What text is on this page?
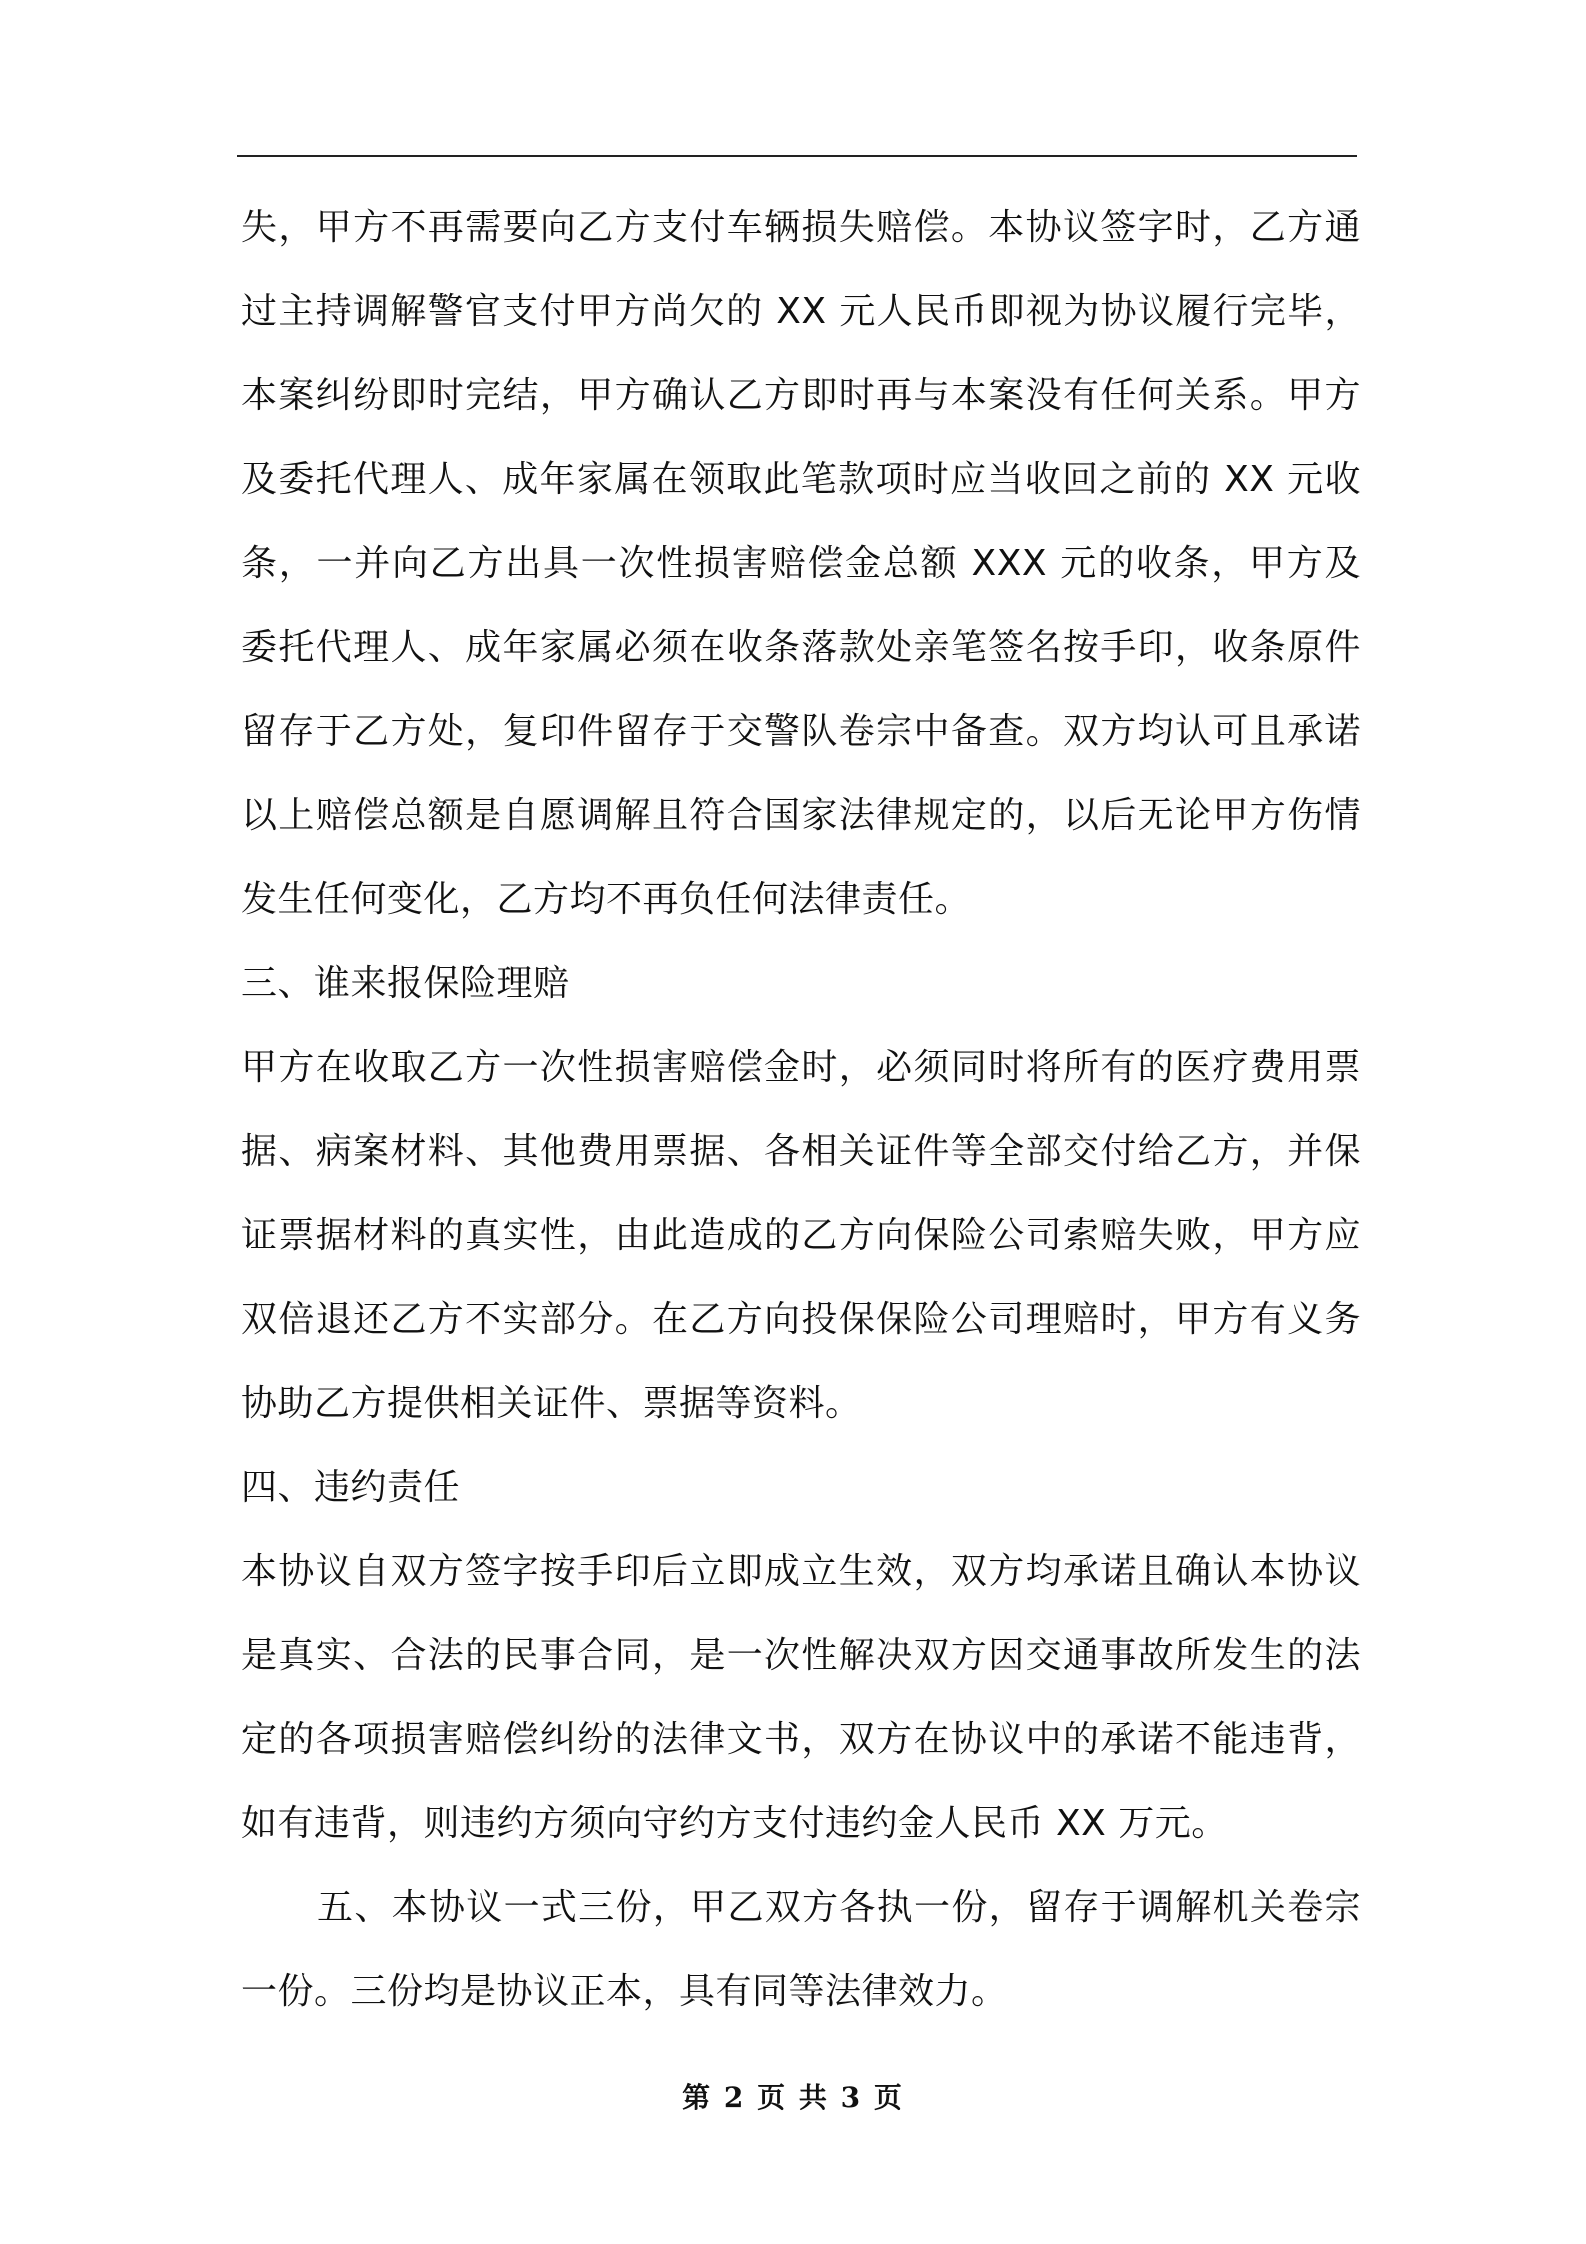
失，甲方不再需要向乙方支付车辆损失赔偿。本协议签字时，乙方通
过主持调解警官支付甲方尚欠的 XX 元人民币即视为协议履行完毕，
本案纠纷即时完结，甲方确认乙方即时再与本案没有任何关系。甲方
及委托代理人、成年家属在领取此笔款项时应当收回之前的 XX 元收
条，一并向乙方出具一次性损害赔偿金总额 XXX 元的收条，甲方及
委托代理人、成年家属必须在收条落款处亲笔签名按手印，收条原件
留存于乙方处，复印件留存于交警队卷宗中备查。双方均认可且承诺
以上赔偿总额是自愿调解且符合国家法律规定的，以后无论甲方伤情
发生任何变化，乙方均不再负任何法律责任。
三、谁来报保险理赔
甲方在收取乙方一次性损害赔偿金时，必须同时将所有的医疗费用票
据、病案材料、其他费用票据、各相关证件等全部交付给乙方，并保
证票据材料的真实性，由此造成的乙方向保险公司索赔失败，甲方应
双倍退还乙方不实部分。在乙方向投保保险公司理赔时，甲方有义务
协助乙方提供相关证件、票据等资料。
四、违约责任
本协议自双方签字按手印后立即成立生效，双方均承诺且确认本协议
是真实、合法的民事合同，是一次性解决双方因交通事故所发生的法
定的各项损害赔偿纠纷的法律文书，双方在协议中的承诺不能违背，
如有违背，则违约方须向守约方支付违约金人民币 XX 万元。
五、本协议一式三份，甲乙双方各执一份，留存于调解机关卷宗
一份。三份均是协议正本，具有同等法律效力。
第 2 页 共 3 页
